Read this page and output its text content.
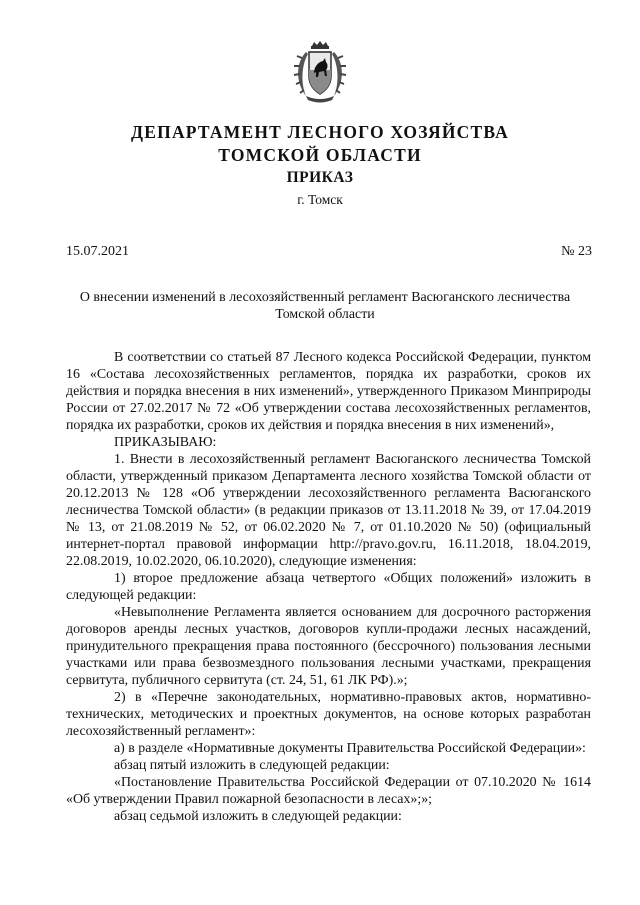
ДЕПАРТАМЕНТ ЛЕСНОГО ХОЗЯЙСТВА
ТОМСКОЙ ОБЛАСТИ
ПРИКАЗ
г. Томск
15.07.2021	№ 23
О внесении изменений в лесохозяйственный регламент Васюганского лесничества Томской области

В соответствии со статьей 87 Лесного кодекса Российской Федерации, пунктом 16 «Состава лесохозяйственных регламентов, порядка их разработки, сроков их действия и порядка внесения в них изменений», утвержденного Приказом Минприроды России от 27.02.2017 № 72 «Об утверждении состава лесохозяйственных регламентов, порядка их разработки, сроков их действия и порядка внесения в них изменений»,

ПРИКАЗЫВАЮ:

1. Внести в лесохозяйственный регламент Васюганского лесничества Томской области, утвержденный приказом Департамента лесного хозяйства Томской области от 20.12.2013 № 128 «Об утверждении лесохозяйственного регламента Васюганского лесничества Томской области» (в редакции приказов от 13.11.2018 № 39, от 17.04.2019 № 13, от 21.08.2019 № 52, от 06.02.2020 № 7, от 01.10.2020 № 50) (официальный интернет-портал правовой информации http://pravo.gov.ru, 16.11.2018, 18.04.2019, 22.08.2019, 10.02.2020, 06.10.2020), следующие изменения:

1) второе предложение абзаца четвертого «Общих положений» изложить в следующей редакции:

«Невыполнение Регламента является основанием для досрочного расторжения договоров аренды лесных участков, договоров купли-продажи лесных насаждений, принудительного прекращения права постоянного (бессрочного) пользования лесными участками или права безвозмездного пользования лесными участками, прекращения сервитута, публичного сервитута (ст. 24, 51, 61 ЛК РФ).»;

2) в «Перечне законодательных, нормативно-правовых актов, нормативно-технических, методических и проектных документов, на основе которых разработан лесохозяйственный регламент»:

а) в разделе «Нормативные документы Правительства Российской Федерации»:

абзац пятый изложить в следующей редакции:

«Постановление Правительства Российской Федерации от 07.10.2020 № 1614 «Об утверждении Правил пожарной безопасности в лесах»;»;

абзац седьмой изложить в следующей редакции:
